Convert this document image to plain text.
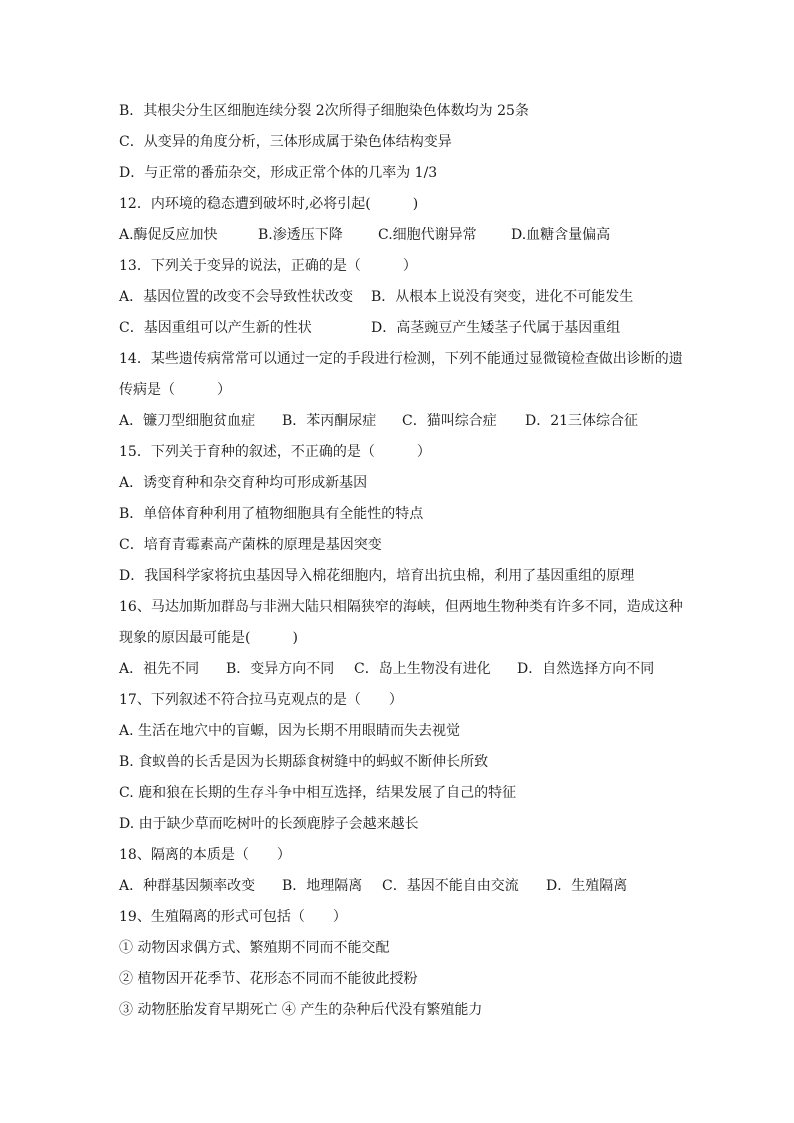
B．其根尖分生区细胞连续分裂 2次所得子细胞染色体数均为 25条
C．从变异的角度分析，三体形成属于染色体结构变异
D．与正常的番茄杂交，形成正常个体的几率为 1/3
12．内环境的稳态遭到破坏时,必将引起(　　　)
A.酶促反应加快	B.渗透压下降	C.细胞代谢异常 D.血糖含量偏高
13．下列关于变异的说法，正确的是（　　　）
A．基因位置的改变不会导致性状改变 B．从根本上说没有突变，进化不可能发生
C．基因重组可以产生新的性状	D．高茎豌豆产生矮茎子代属于基因重组
14．某些遗传病常常可以通过一定的手段进行检测，下列不能通过显微镜检查做出诊断的遗
传病是（　　　）
A．镰刀型细胞贫血症 B．苯丙酮尿症 C．猫叫综合症 D．21三体综合征
15．下列关于育种的叙述，不正确的是（　　　）
A．诱变育种和杂交育种均可形成新基因
B．单倍体育种利用了植物细胞具有全能性的特点
C．培育青霉素高产菌株的原理是基因突变
D．我国科学家将抗虫基因导入棉花细胞内，培育出抗虫棉，利用了基因重组的原理
16、马达加斯加群岛与非洲大陆只相隔狭窄的海峡，但两地生物种类有许多不同，造成这种
现象的原因最可能是(　　　)
A．祖先不同 B．变异方向不同 C．岛上生物没有进化 D．自然选择方向不同
17、下列叙述不符合拉马克观点的是（　　）
A. 生活在地穴中的盲螈，因为长期不用眼睛而失去视觉
B. 食蚁兽的长舌是因为长期舔食树缝中的蚂蚁不断伸长所致
C. 鹿和狼在长期的生存斗争中相互选择，结果发展了自己的特征
D. 由于缺少草而吃树叶的长颈鹿脖子会越来越长
18、隔离的本质是（　　）
A．种群基因频率改变 B．地理隔离 C．基因不能自由交流 D．生殖隔离
19、生殖隔离的形式可包括（　　）
① 动物因求偶方式、繁殖期不同而不能交配
② 植物因开花季节、花形态不同而不能彼此授粉
③ 动物胚胎发育早期死亡 ④ 产生的杂种后代没有繁殖能力
